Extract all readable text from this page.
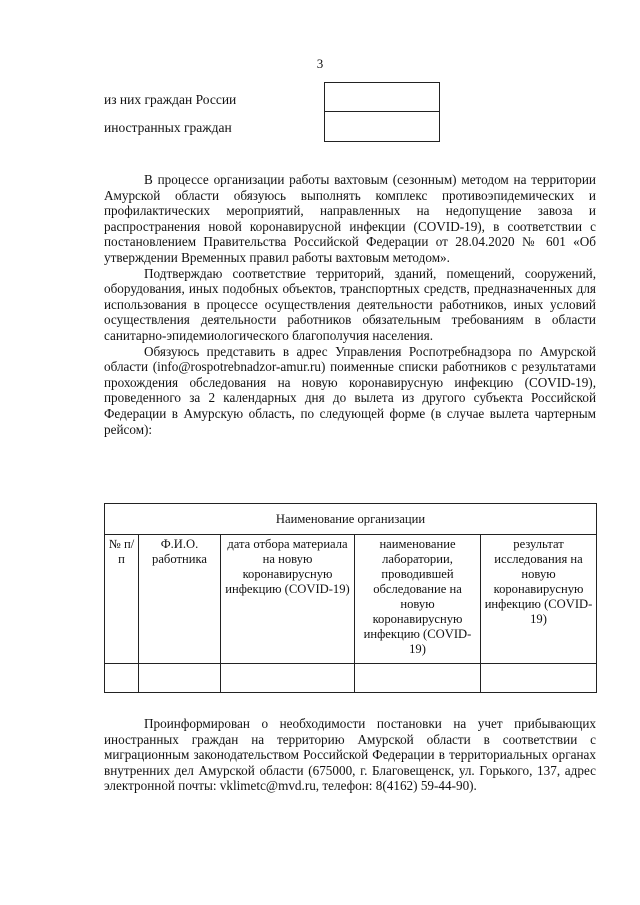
3
из них граждан России
иностранных граждан

В процессе организации работы вахтовым (сезонным) методом на территории Амурской области обязуюсь выполнять комплекс противоэпидемических и профилактических мероприятий, направленных на недопущение завоза и распространения новой коронавирусной инфекции (COVID-19), в соответствии с постановлением Правительства Российской Федерации от 28.04.2020 № 601 «Об утверждении Временных правил работы вахтовым методом».

Подтверждаю соответствие территорий, зданий, помещений, сооружений, оборудования, иных подобных объектов, транспортных средств, предназначенных для использования в процессе осуществления деятельности работников, иных условий осуществления деятельности работников обязательным требованиям в области санитарно-эпидемиологического благополучия населения.

Обязуюсь представить в адрес Управления Роспотребнадзора по Амурской области (info@rospotrebnadzor-amur.ru) поименные списки работников с результатами прохождения обследования на новую коронавирусную инфекцию (COVID-19), проведенного за 2 календарных дня до вылета из другого субъекта Российской Федерации в Амурскую область, по следующей форме (в случае вылета чартерным рейсом):

Наименование организации				
№ п/п	Ф.И.О. работника	дата отбора материала на новую коронавирусную инфекцию (COVID-19)	наименование лаборатории, проводившей обследование на новую коронавирусную инфекцию (COVID-19)	результат исследования на новую коронавирусную инфекцию (COVID-19)

Проинформирован о необходимости постановки на учет прибывающих иностранных граждан на территорию Амурской области в соответствии с миграционным законодательством Российской Федерации в территориальных органах внутренних дел Амурской области (675000, г. Благовещенск, ул. Горького, 137, адрес электронной почты: vklimetc@mvd.ru, телефон: 8(4162) 59-44-90).
